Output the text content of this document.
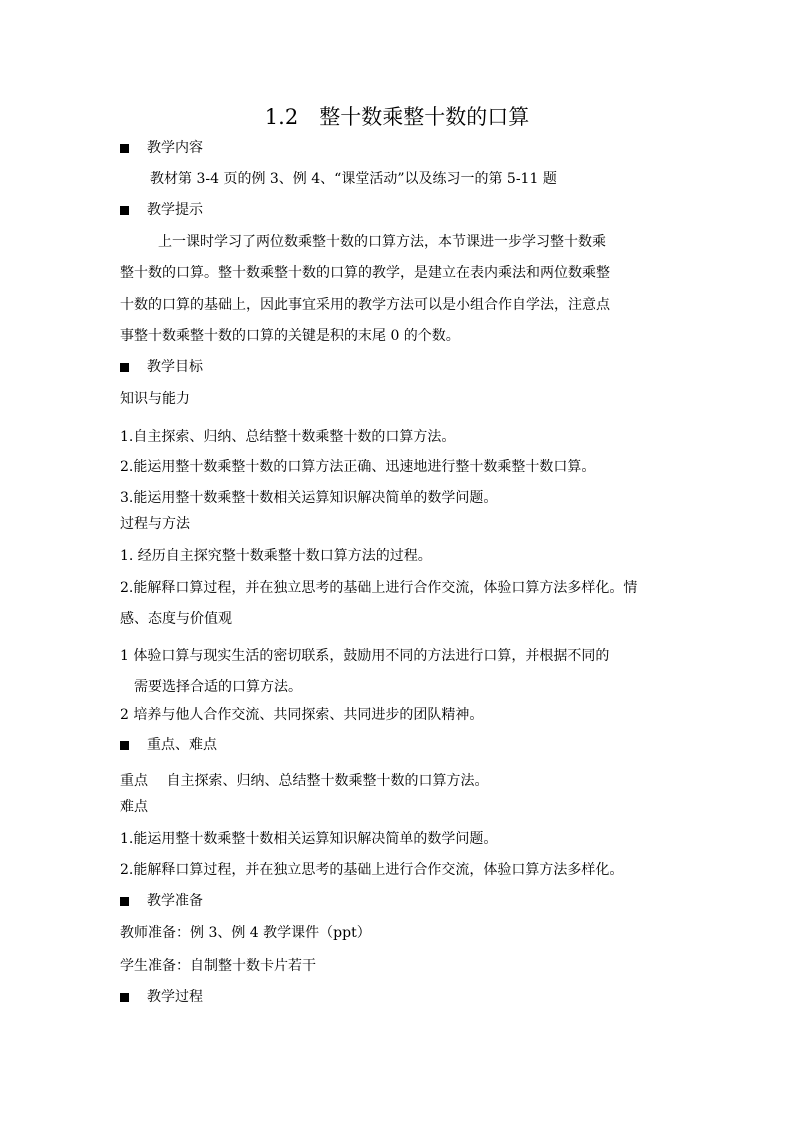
1.2　整十数乘整十数的口算
教学内容
教材第 3-4 页的例 3、例 4、“课堂活动”以及练习一的第 5-11 题
教学提示
上一课时学习了两位数乘整十数的口算方法，本节课进一步学习整十数乘
整十数的口算。整十数乘整十数的口算的教学，是建立在表内乘法和两位数乘整
十数的口算的基础上，因此事宜采用的教学方法可以是小组合作自学法，注意点
事整十数乘整十数的口算的关键是积的末尾 0 的个数。
教学目标
知识与能力
1.自主探索、归纳、总结整十数乘整十数的口算方法。
2.能运用整十数乘整十数的口算方法正确、迅速地进行整十数乘整十数口算。
3.能运用整十数乘整十数相关运算知识解决简单的数学问题。
过程与方法
1. 经历自主探究整十数乘整十数口算方法的过程。
2.能解释口算过程，并在独立思考的基础上进行合作交流，体验口算方法多样化。情
感、态度与价值观
1 体验口算与现实生活的密切联系，鼓励用不同的方法进行口算，并根据不同的
需要选择合适的口算方法。
2 培养与他人合作交流、共同探索、共同进步的团队精神。
重点、难点
重点　 自主探索、归纳、总结整十数乘整十数的口算方法。
难点
1.能运用整十数乘整十数相关运算知识解决简单的数学问题。
2.能解释口算过程，并在独立思考的基础上进行合作交流，体验口算方法多样化。
教学准备
教师准备：例 3、例 4 教学课件（ppt）
学生准备：自制整十数卡片若干
教学过程
